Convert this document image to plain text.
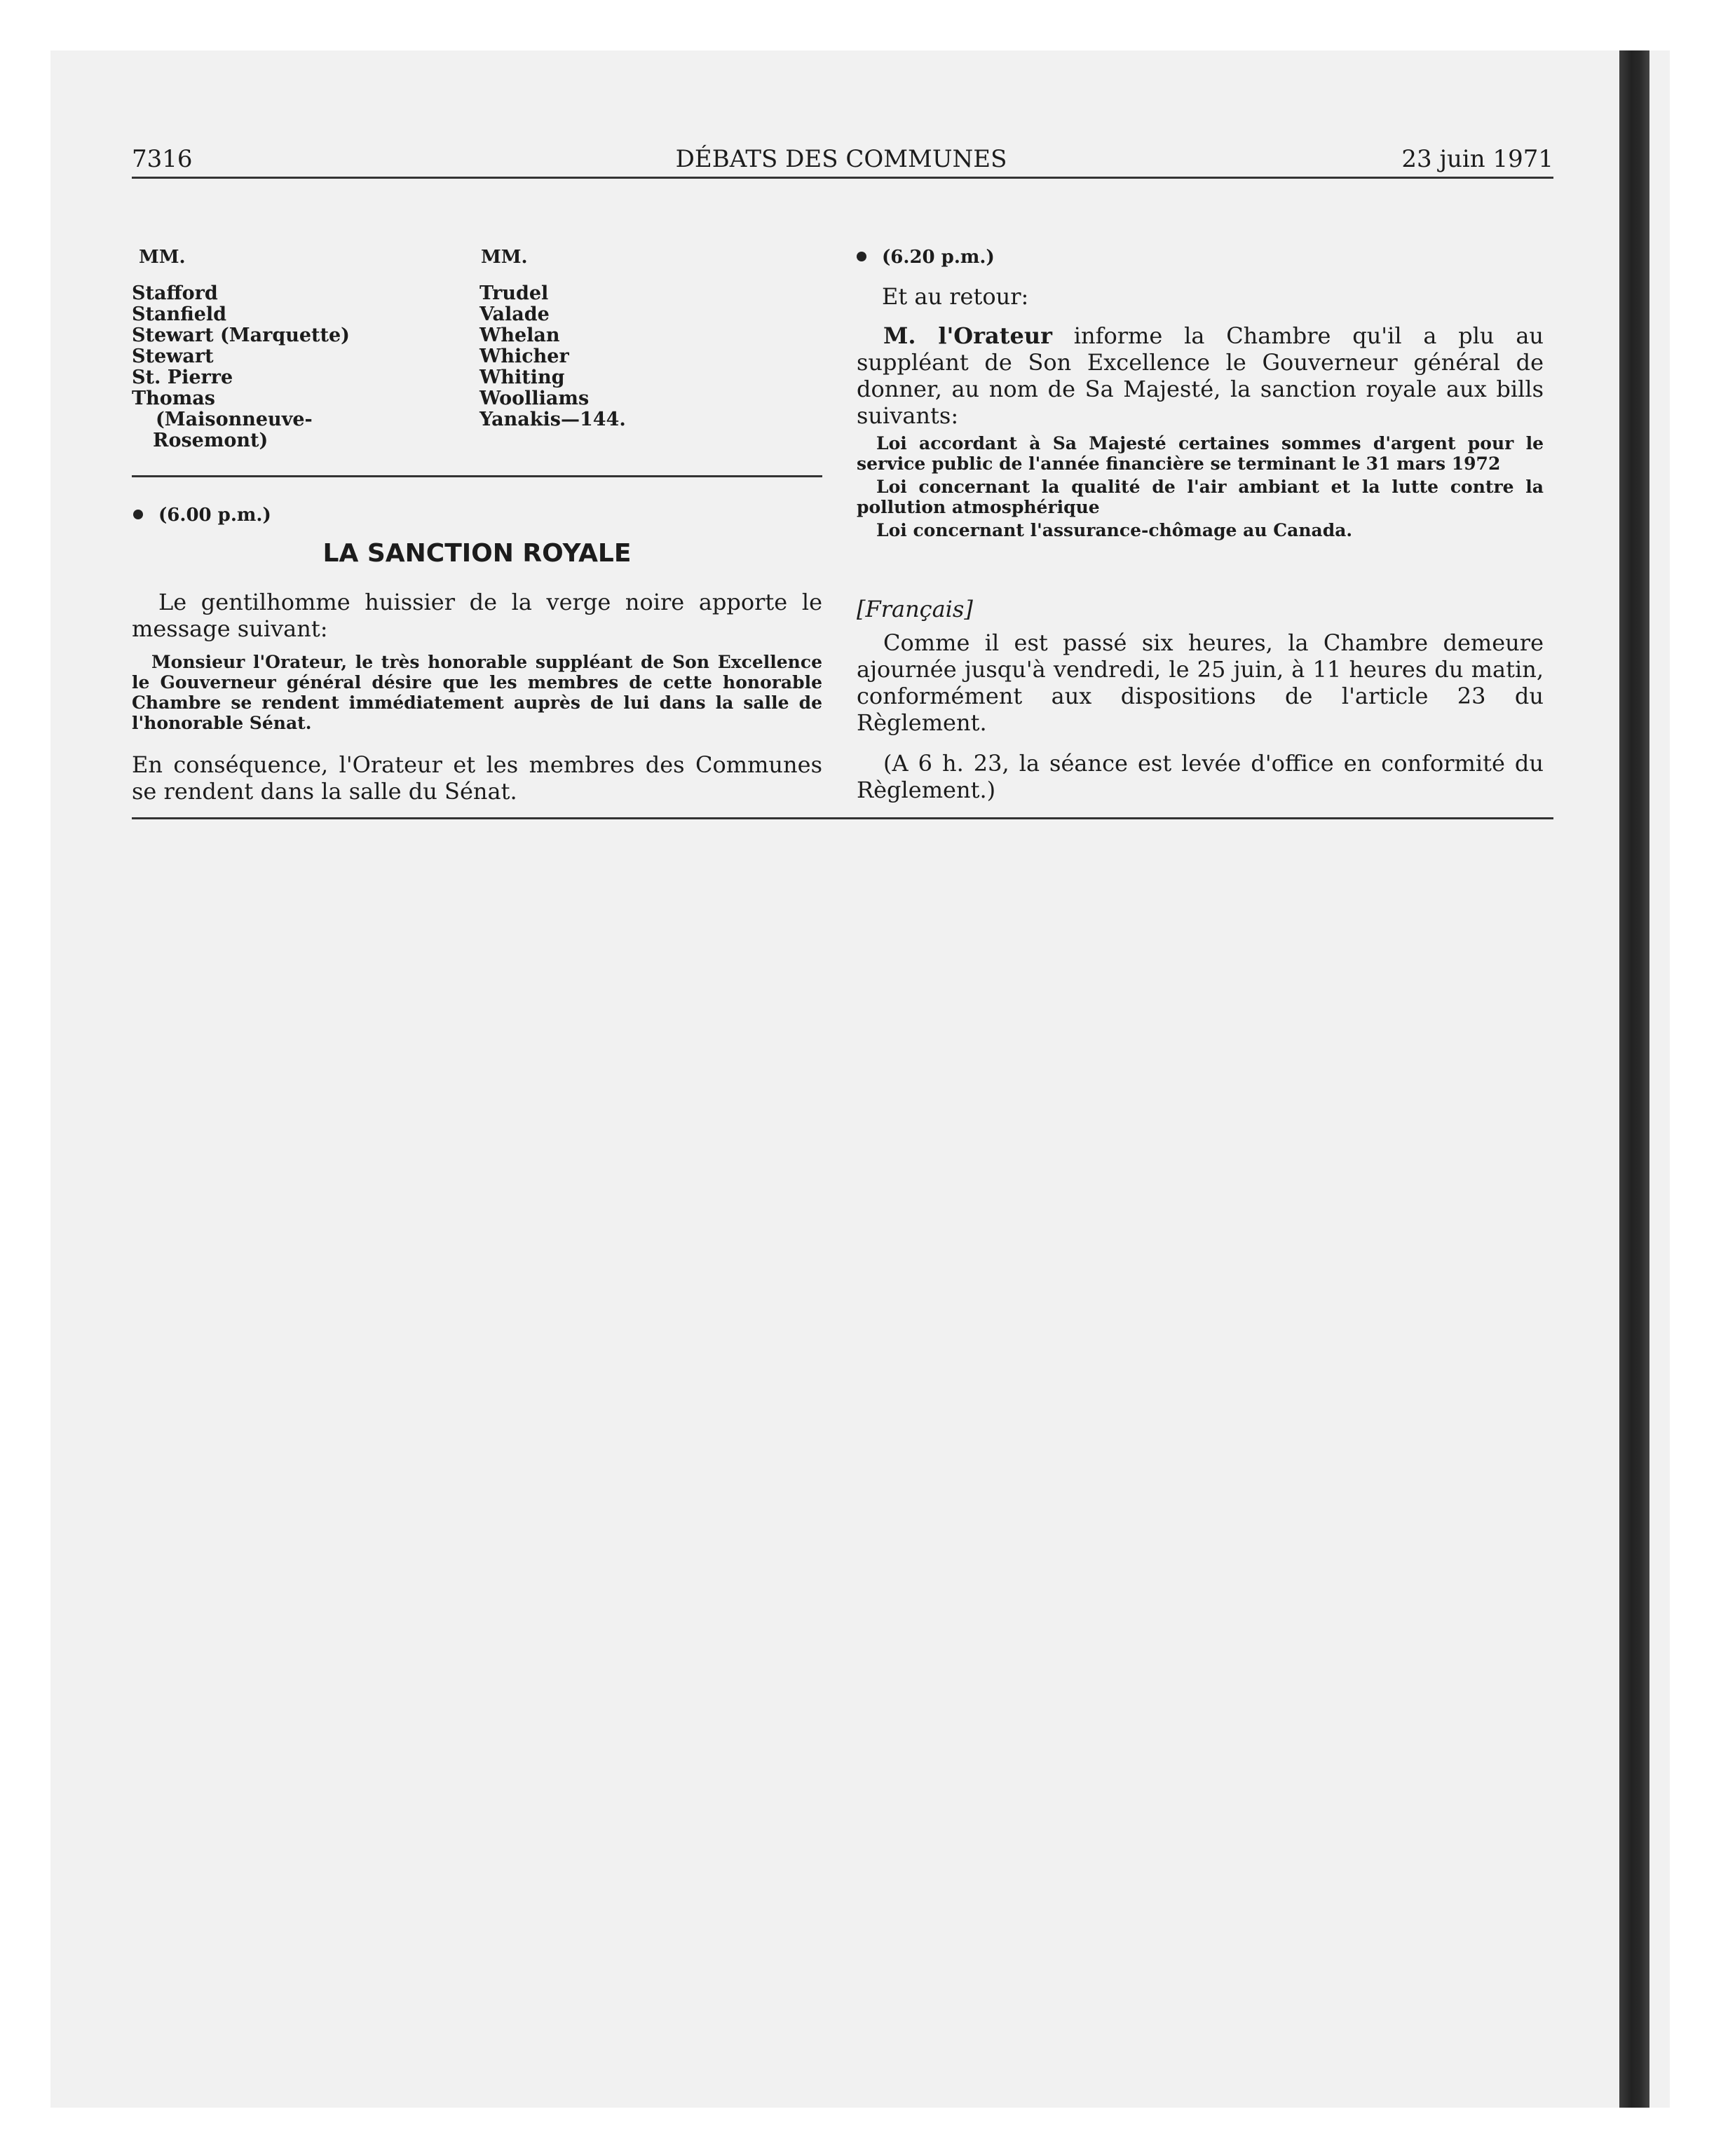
7316	DÉBATS DES COMMUNES	23 juin 1971
MM.
Stafford
Stanfield
Stewart (Marquette)
Stewart
St. Pierre
Thomas
(Maisonneuve-
Rosemont)
MM.
Trudel
Valade
Whelan
Whicher
Whiting
Woolliams
Yanakis—144.
(6.00 p.m.)
LA SANCTION ROYALE
Le gentilhomme huissier de la verge noire apporte le message suivant:
Monsieur l'Orateur, le très honorable suppléant de Son Excellence le Gouverneur général désire que les membres de cette honorable Chambre se rendent immédiatement auprès de lui dans la salle de l'honorable Sénat.
En conséquence, l'Orateur et les membres des Communes se rendent dans la salle du Sénat.
(6.20 p.m.)
Et au retour:
M. l'Orateur informe la Chambre qu'il a plu au suppléant de Son Excellence le Gouverneur général de donner, au nom de Sa Majesté, la sanction royale aux bills suivants:
Loi accordant à Sa Majesté certaines sommes d'argent pour le service public de l'année financière se terminant le 31 mars 1972
Loi concernant la qualité de l'air ambiant et la lutte contre la pollution atmosphérique
Loi concernant l'assurance-chômage au Canada.
[Français]
Comme il est passé six heures, la Chambre demeure ajournée jusqu'à vendredi, le 25 juin, à 11 heures du matin, conformément aux dispositions de l'article 23 du Règlement.
(A 6 h. 23, la séance est levée d'office en conformité du Règlement.)
